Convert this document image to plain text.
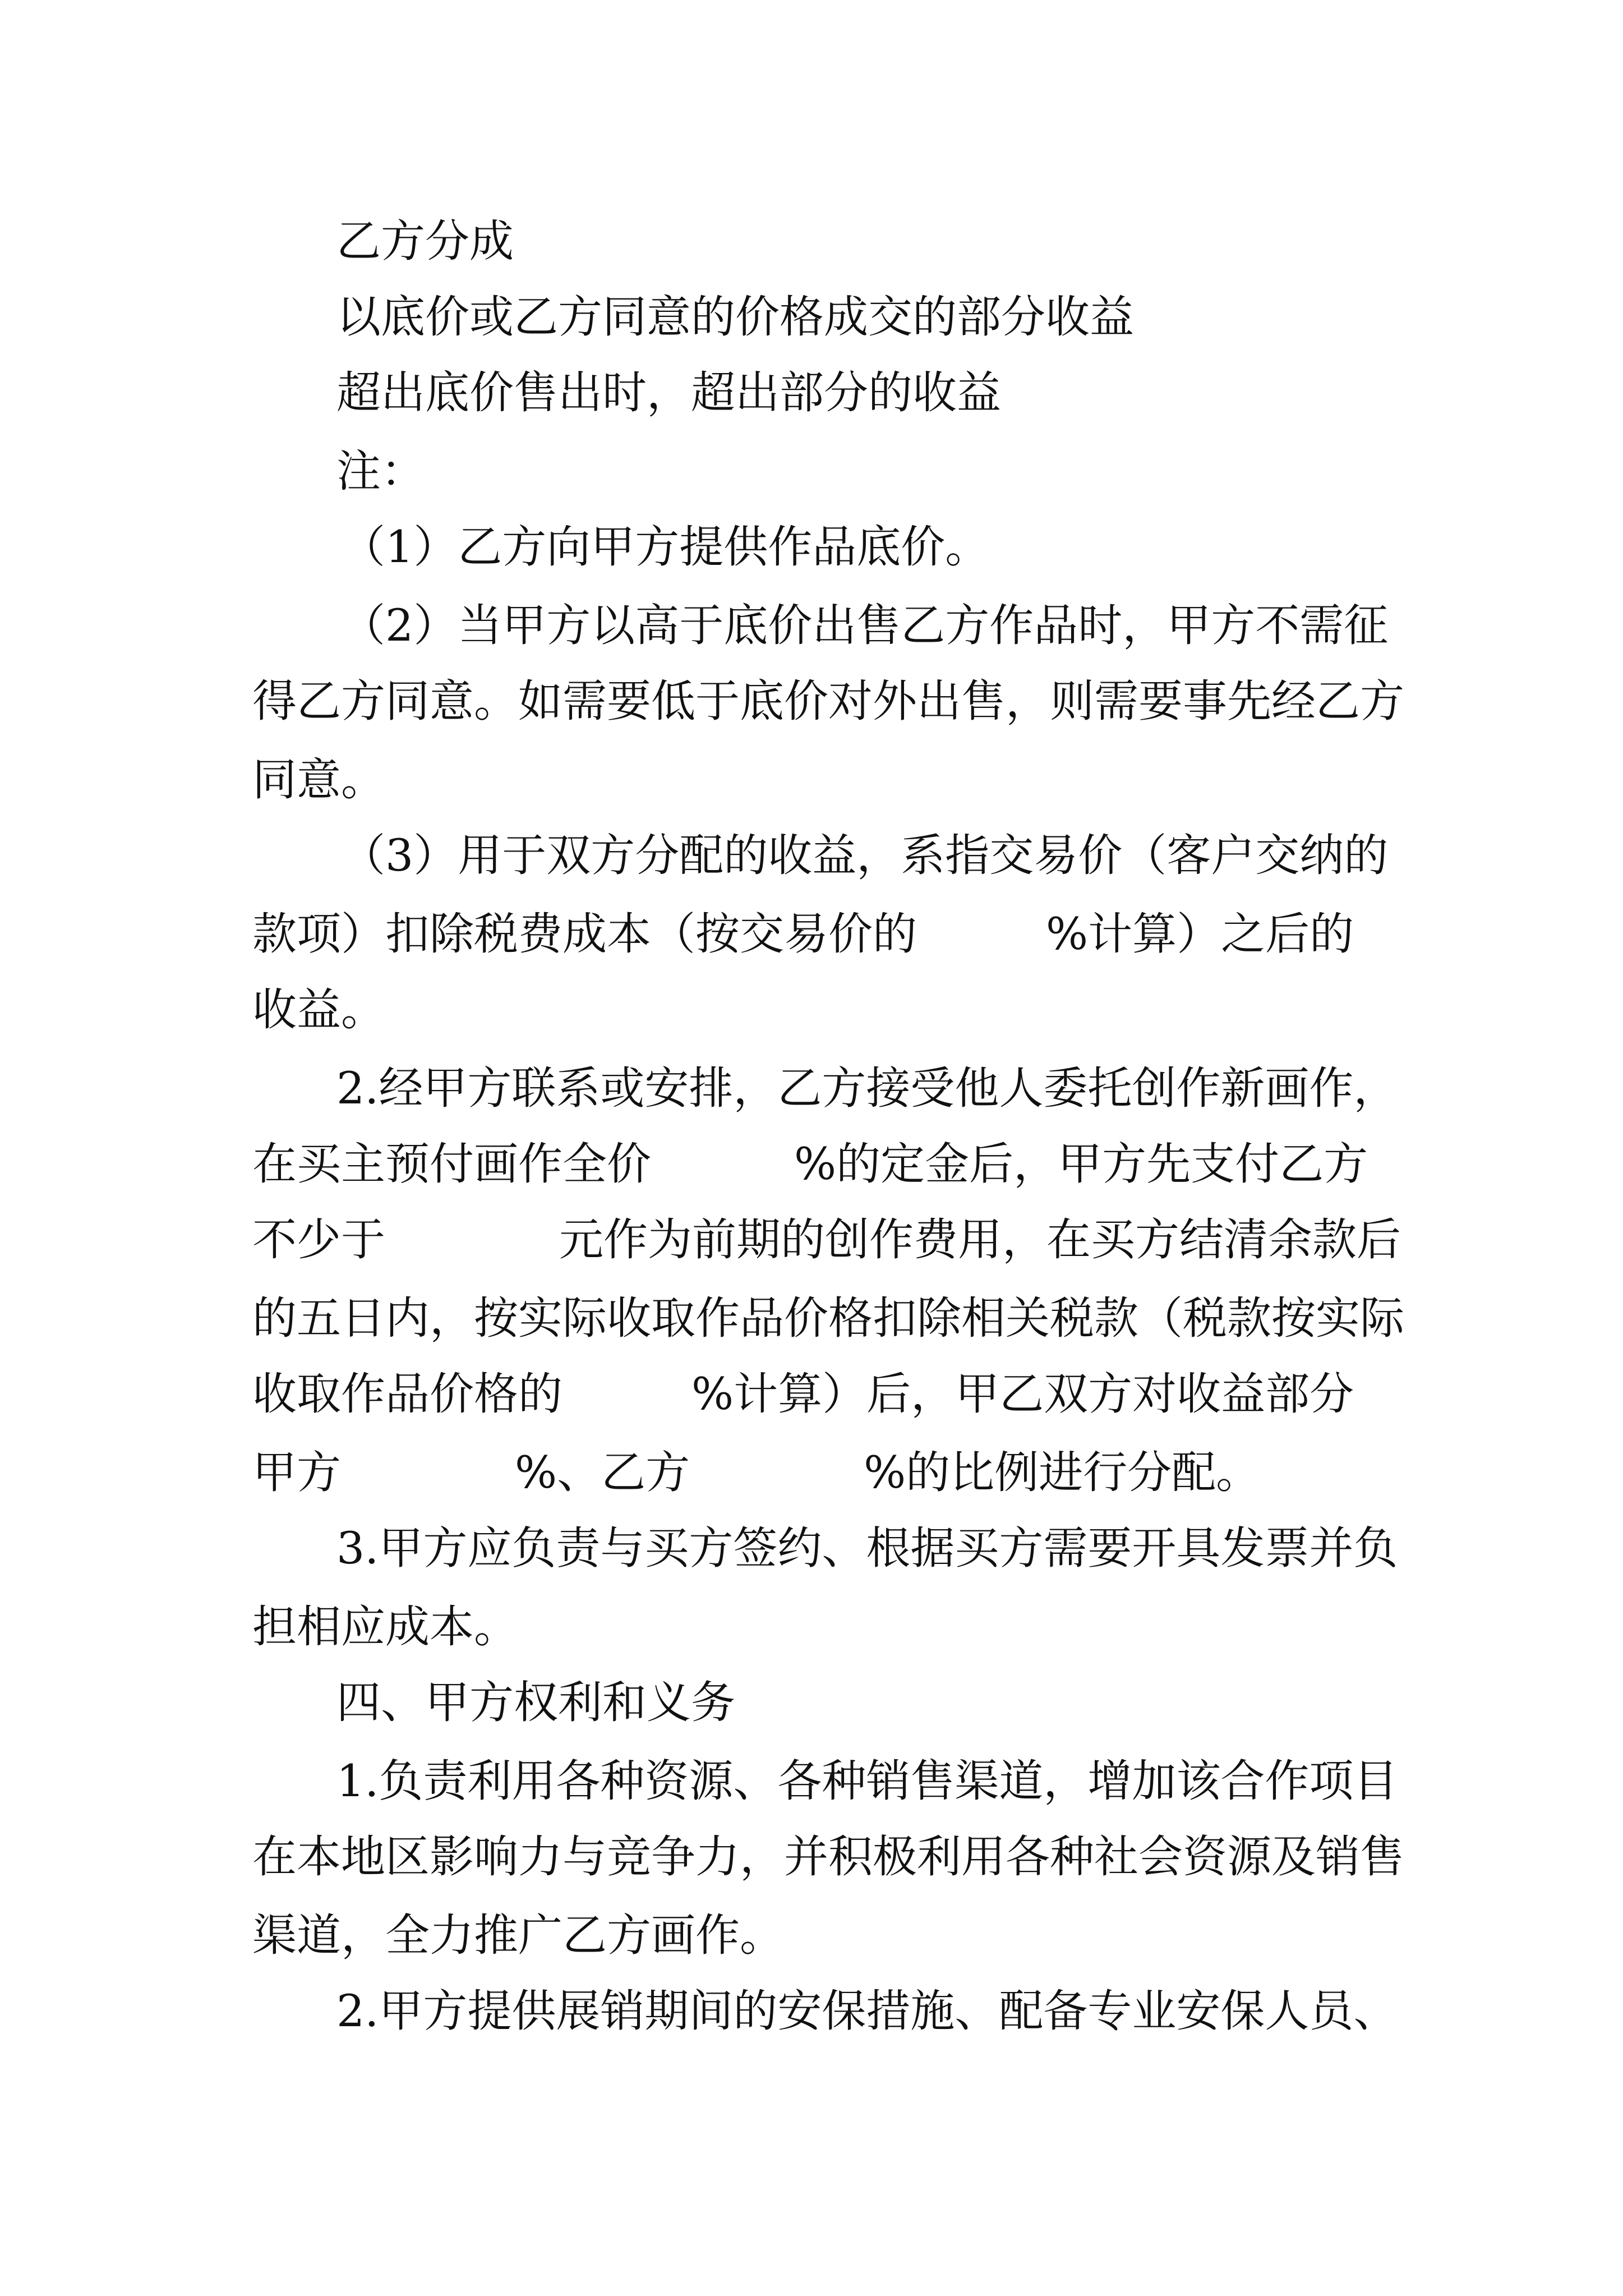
乙方分成
以底价或乙方同意的价格成交的部分收益
超出底价售出时，超出部分的收益
注：
（1）乙方向甲方提供作品底价。
（2）当甲方以高于底价出售乙方作品时，甲方不需征
得乙方同意。如需要低于底价对外出售，则需要事先经乙方
同意。
（3）用于双方分配的收益，系指交易价（客户交纳的
款项）扣除税费成本（按交易价的	%计算）之后的
收益。
2.经甲方联系或安排，乙方接受他人委托创作新画作，
在买主预付画作全价	%的定金后，甲方先支付乙方
不少于	元作为前期的创作费用，在买方结清余款后
的五日内，按实际收取作品价格扣除相关税款（税款按实际
收取作品价格的	%计算）后，甲乙双方对收益部分
甲方	%、乙方	%的比例进行分配。
3.甲方应负责与买方签约、根据买方需要开具发票并负
担相应成本。
四、甲方权利和义务
1.负责利用各种资源、各种销售渠道，增加该合作项目
在本地区影响力与竞争力，并积极利用各种社会资源及销售
渠道，全力推广乙方画作。
2.甲方提供展销期间的安保措施、配备专业安保人员、
